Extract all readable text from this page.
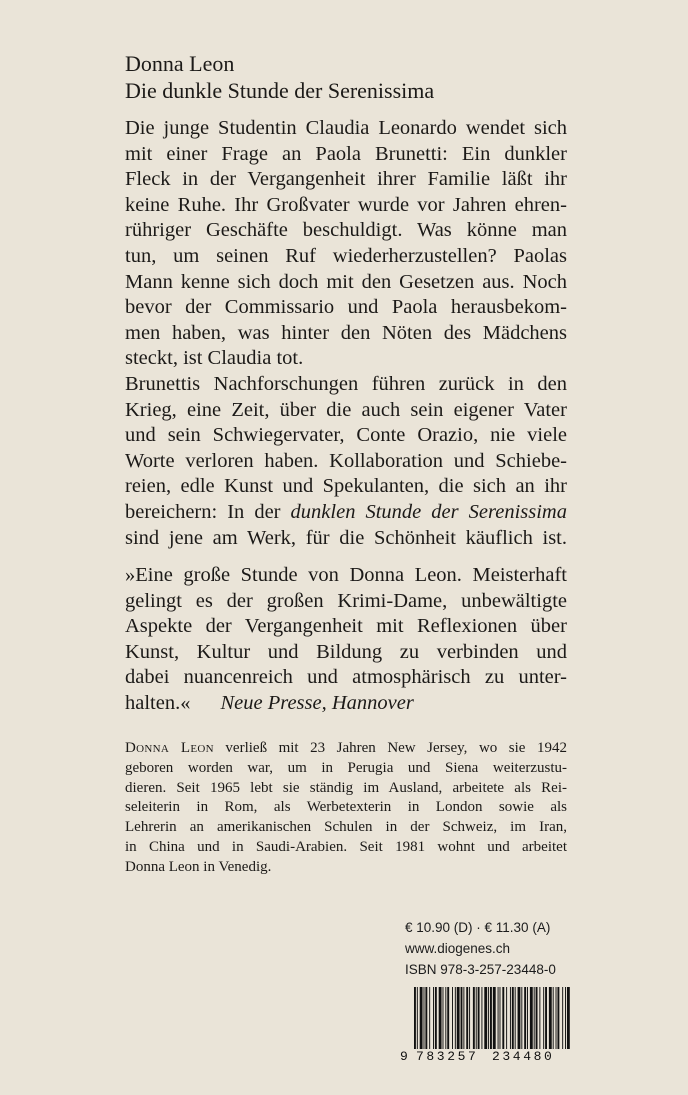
Donna Leon
Die dunkle Stunde der Serenissima
Die junge Studentin Claudia Leonardo wendet sich
mit einer Frage an Paola Brunetti: Ein dunkler
Fleck in der Vergangenheit ihrer Familie läßt ihr
keine Ruhe. Ihr Großvater wurde vor Jahren ehren-
rühriger Geschäfte beschuldigt. Was könne man
tun, um seinen Ruf wiederherzustellen? Paolas
Mann kenne sich doch mit den Gesetzen aus. Noch
bevor der Commissario und Paola herausbekom-
men haben, was hinter den Nöten des Mädchens
steckt, ist Claudia tot.
Brunettis Nachforschungen führen zurück in den
Krieg, eine Zeit, über die auch sein eigener Vater
und sein Schwiegervater, Conte Orazio, nie viele
Worte verloren haben. Kollaboration und Schiebe-
reien, edle Kunst und Spekulanten, die sich an ihr
bereichern: In der dunklen Stunde der Serenissima
sind jene am Werk, für die Schönheit käuflich ist.
»Eine große Stunde von Donna Leon. Meisterhaft
gelingt es der großen Krimi-Dame, unbewältigte
Aspekte der Vergangenheit mit Reflexionen über
Kunst, Kultur und Bildung zu verbinden und
dabei nuancenreich und atmosphärisch zu unter-
halten.« Neue Presse, Hannover
Donna Leon verließ mit 23 Jahren New Jersey, wo sie 1942
geboren worden war, um in Perugia und Siena weiterzustu-
dieren. Seit 1965 lebt sie ständig im Ausland, arbeitete als Rei-
seleiterin in Rom, als Werbetexterin in London sowie als
Lehrerin an amerikanischen Schulen in der Schweiz, im Iran,
in China und in Saudi-Arabien. Seit 1981 wohnt und arbeitet
Donna Leon in Venedig.
€ 10.90 (D) · € 11.30 (A)
www.diogenes.ch
ISBN 978-3-257-23448-0
9 783257 234480
